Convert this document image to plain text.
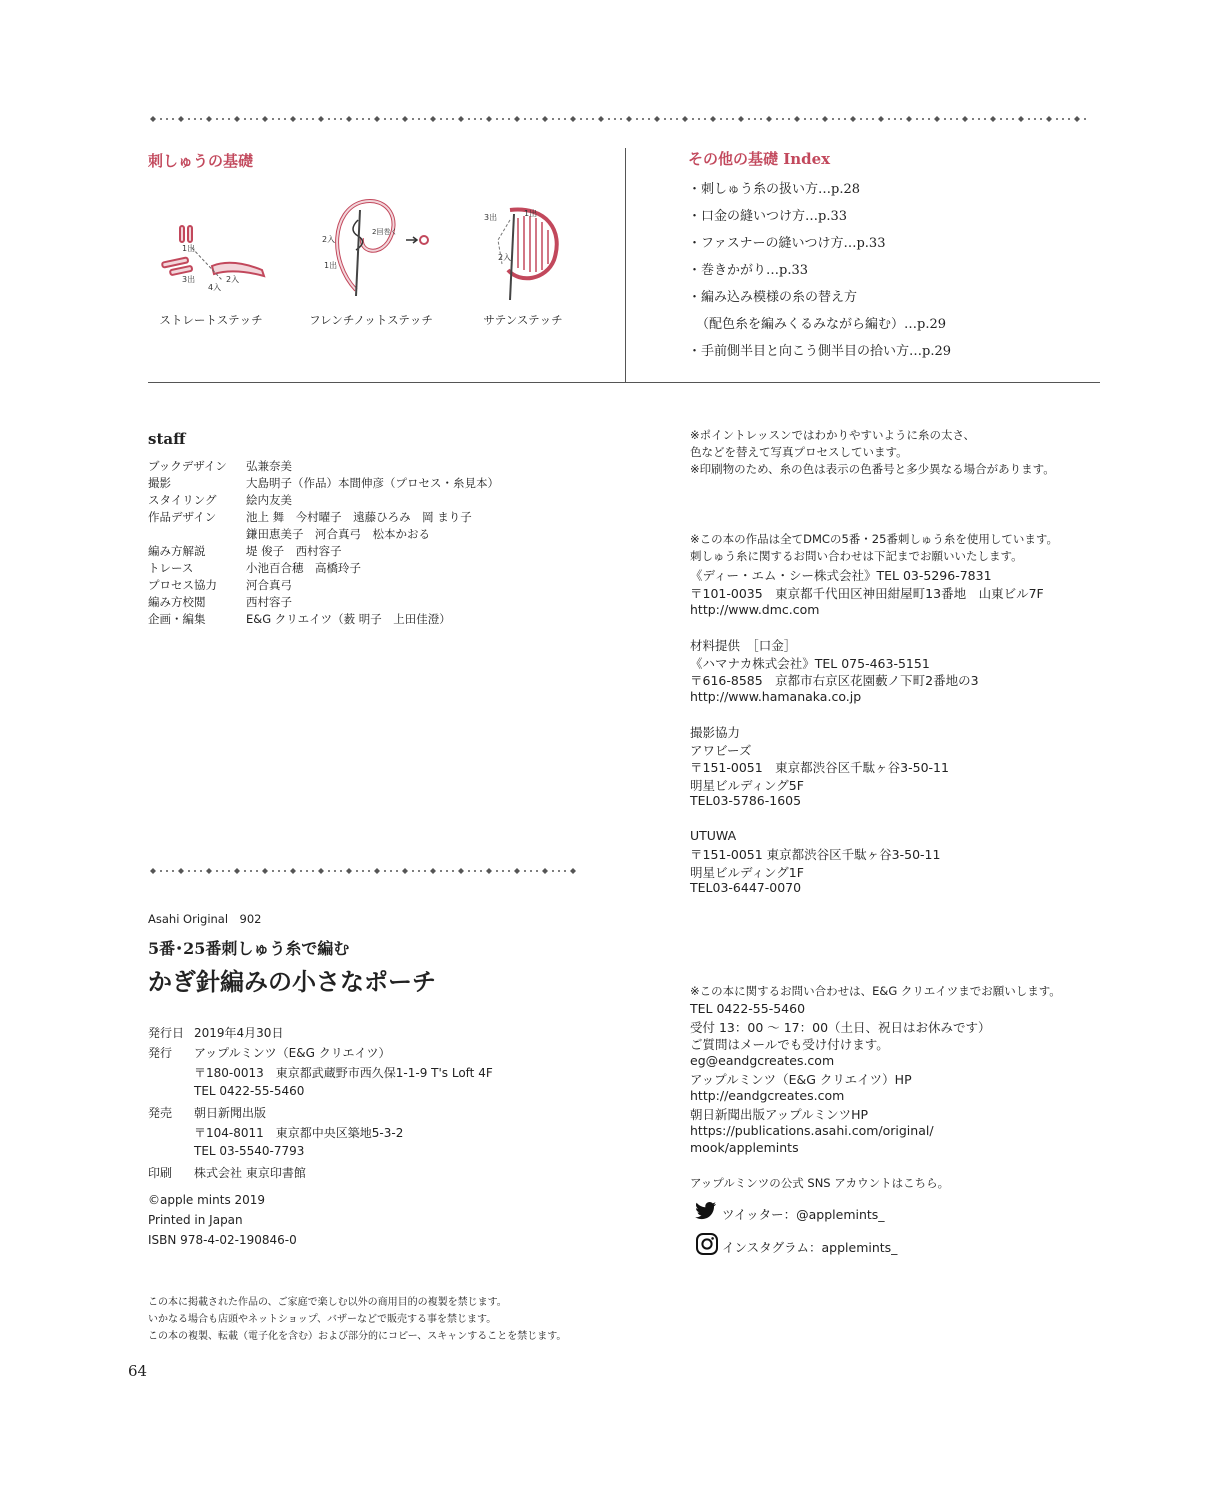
刺しゅうの基礎
1出
2入
3出
4入
2入
1出
2回巻く
3出	1出
2入
ストレートステッチ	フレンチノットステッチ	サテンステッチ
その他の基礎 Index
・刺しゅう糸の扱い方…p.28
・口金の縫いつけ方…p.33
・ファスナーの縫いつけ方…p.33
・巻きかがり…p.33
・編み込み模様の糸の替え方
（配色糸を編みくるみながら編む）…p.29
・手前側半目と向こう側半目の拾い方…p.29
staff
ブックデザイン 弘兼奈美
撮影	大島明子（作品）本間伸彦（プロセス・糸見本）
スタイリング	絵内友美
作品デザイン	池上 舞　今村曜子　遠藤ひろみ　岡 まり子
鎌田恵美子　河合真弓　松本かおる
編み方解説	堤 俊子　西村容子
トレース	小池百合穂　高橋玲子
プロセス協力	河合真弓
編み方校閲	西村容子
企画・編集	E&G クリエイツ（薮 明子　上田佳澄）
※ポイントレッスンではわかりやすいように糸の太さ、
色などを替えて写真プロセスしています。
※印刷物のため、糸の色は表示の色番号と多少異なる場合があります。
※この本の作品は全てDMCの5番・25番刺しゅう糸を使用しています。
刺しゅう糸に関するお問い合わせは下記までお願いいたします。
《ディー・エム・シー株式会社》TEL 03-5296-7831
〒101-0035　東京都千代田区神田紺屋町13番地　山東ビル7F
http://www.dmc.com
材料提供　［口金］
《ハマナカ株式会社》TEL 075-463-5151
〒616-8585　京都市右京区花園藪ノ下町2番地の3
http://www.hamanaka.co.jp
撮影協力
アワビーズ
〒151-0051　東京都渋谷区千駄ヶ谷3-50-11
明星ビルディング5F
TEL03-5786-1605
UTUWA
〒151-0051 東京都渋谷区千駄ヶ谷3-50-11
明星ビルディング1F
TEL03-6447-0070
Asahi Original　902
5番･25番刺しゅう糸で編む
かぎ針編みの小さなポーチ
発行日 2019年4月30日
発行 アップルミンツ（E&G クリエイツ）
〒180-0013　東京都武蔵野市西久保1-1-9 T's Loft 4F
TEL 0422-55-5460
発売 朝日新聞出版
〒104-8011　東京都中央区築地5-3-2
TEL 03-5540-7793
印刷 株式会社 東京印書館
©apple mints 2019
Printed in Japan
ISBN 978-4-02-190846-0
この本に掲載された作品の、ご家庭で楽しむ以外の商用目的の複製を禁じます。
いかなる場合も店頭やネットショップ、バザーなどで販売する事を禁じます。
この本の複製、転載（電子化を含む）および部分的にコピー、スキャンすることを禁じます。
※この本に関するお問い合わせは、E&G クリエイツまでお願いします。
TEL 0422-55-5460
受付 13：00 ～ 17：00（土日、祝日はお休みです）
ご質問はメールでも受け付けます。
eg@eandgcreates.com
アップルミンツ（E&G クリエイツ）HP
http://eandgcreates.com
朝日新聞出版アップルミンツHP
https://publications.asahi.com/original/
mook/applemints
アップルミンツの公式 SNS アカウントはこちら。
ツイッター：@applemints_
インスタグラム：applemints_
64
